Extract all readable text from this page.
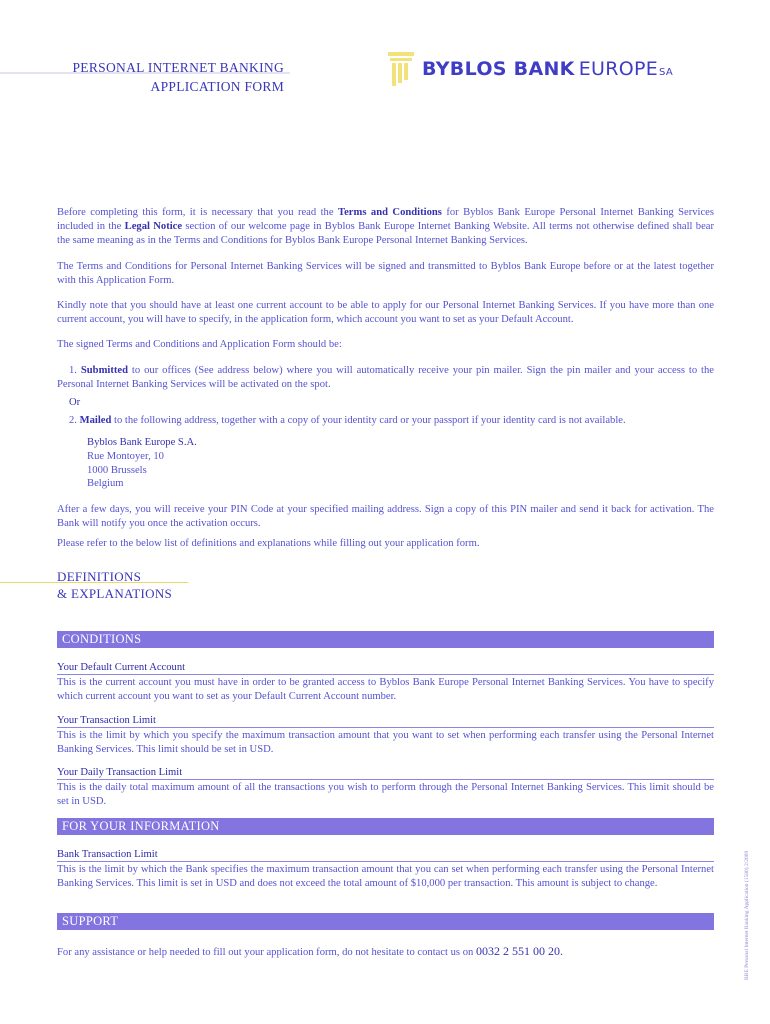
PERSONAL INTERNET BANKING
APPLICATION FORM
BYBLOS BANK EUROPE SA

Before completing this form, it is necessary that you read the Terms and Conditions for Byblos Bank Europe Personal Internet Banking Services included in the Legal Notice section of our welcome page in Byblos Bank Europe Internet Banking Website. All terms not otherwise defined shall bear the same meaning as in the Terms and Conditions for Byblos Bank Europe Personal Internet Banking Services.

The Terms and Conditions for Personal Internet Banking Services will be signed and transmitted to Byblos Bank Europe before or at the latest together with this Application Form.

Kindly note that you should have at least one current account to be able to apply for our Personal Internet Banking Services. If you have more than one current account, you will have to specify, in the application form, which account you want to set as your Default Account.

The signed Terms and Conditions and Application Form should be:

1. Submitted to our offices (See address below) where you will automatically receive your pin mailer. Sign the pin mailer and your access to the Personal Internet Banking Services will be activated on the spot.

Or

2. Mailed to the following address, together with a copy of your identity card or your passport if your identity card is not available.

Byblos Bank Europe S.A.
Rue Montoyer, 10
1000 Brussels
Belgium

After a few days, you will receive your PIN Code at your specified mailing address. Sign a copy of this PIN mailer and send it back for activation. The Bank will notify you once the activation occurs.

Please refer to the below list of definitions and explanations while filling out your application form.

DEFINITIONS
& EXPLANATIONS
CONDITIONS
Your Default Current Account
This is the current account you must have in order to be granted access to Byblos Bank Europe Personal Internet Banking Services. You have to specify which current account you want to set as your Default Current Account number.
Your Transaction Limit
This is the limit by which you specify the maximum transaction amount that you want to set when performing each transfer using the Personal Internet Banking Services. This limit should be set in USD.
Your Daily Transaction Limit
This is the daily total maximum amount of all the transactions you wish to perform through the Personal Internet Banking Services. This limit should be set in USD.
FOR YOUR INFORMATION
Bank Transaction Limit
This is the limit by which the Bank specifies the maximum transaction amount that you can set when performing each transfer using the Personal Internet Banking Services. This limit is set in USD and does not exceed the total amount of $10,000 per transaction. This amount is subject to change.
SUPPORT
For any assistance or help needed to fill out your application form, do not hesitate to contact us on 0032 2 551 00 20.	BBE Personal Internet Banking Application (1580) 2/2009
